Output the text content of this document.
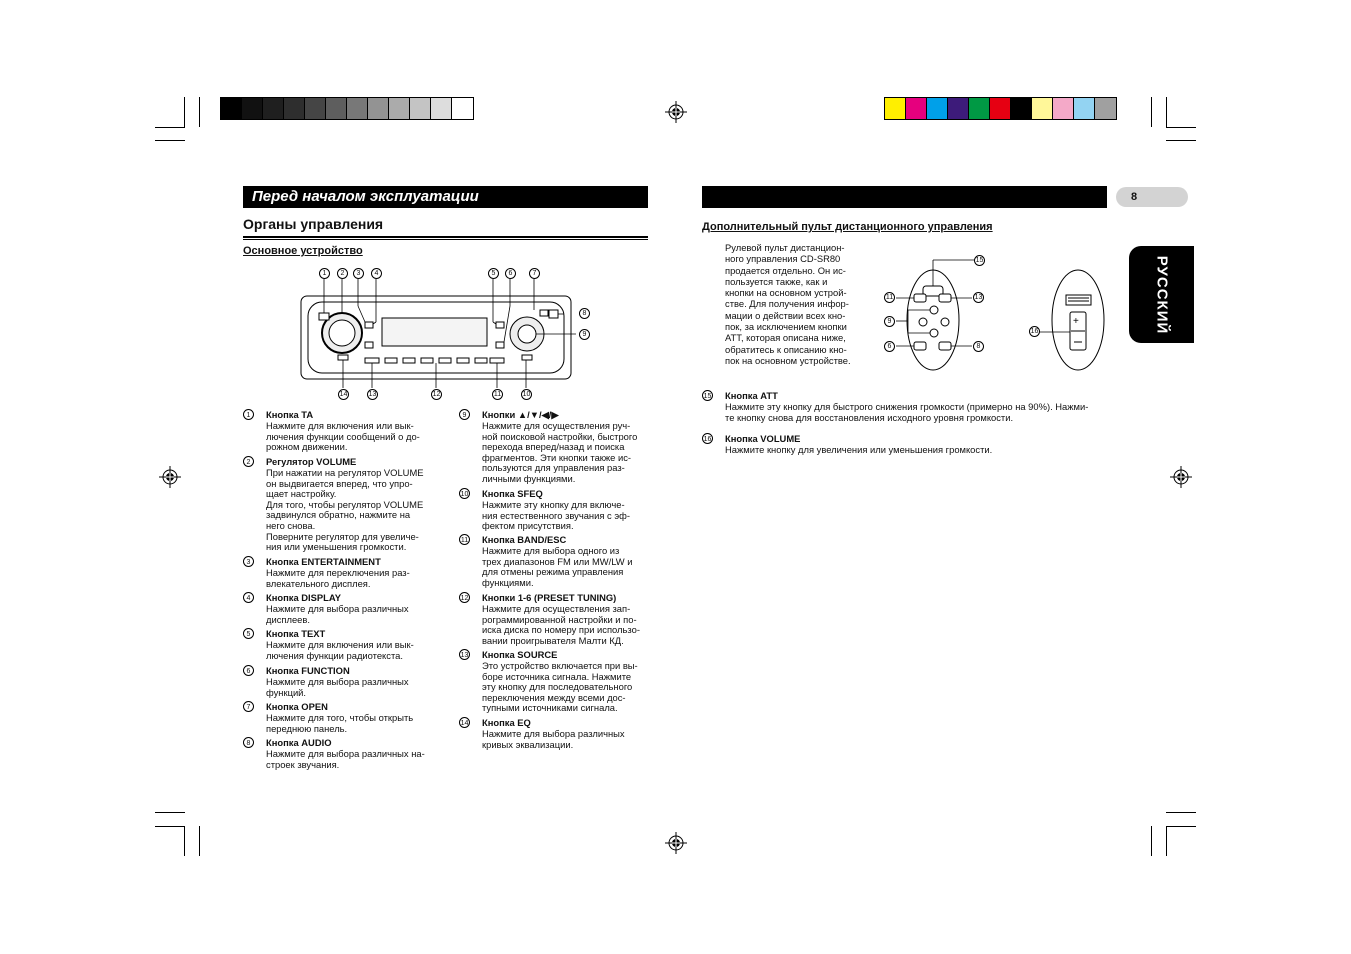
Перед началом эксплуатации
Органы управления
Основное устройство
1	2	3	4	5	6	7
8
9
14	13	12	11	10
1	Кнопка TA
Нажмите для включения или вык-
лючения функции сообщений о до-
рожном движении.
2	Регулятор VOLUME
При нажатии на регулятор VOLUME
он выдвигается вперед, что упро-
щает настройку.
Для того, чтобы регулятор VOLUME
задвинулся обратно, нажмите на
него снова.
Поверните регулятор для увеличе-
ния или уменьшения громкости.
3	Кнопка ENTERTAINMENT
Нажмите для переключения раз-
влекательного дисплея.
4	Кнопка DISPLAY
Нажмите для выбора различных
дисплеев.
5	Кнопка TEXT
Нажмите для включения или вык-
лючения функции радиотекста.
6	Кнопка FUNCTION
Нажмите для выбора различных
функций.
7	Кнопка OPEN
Нажмите для того, чтобы открыть
переднюю панель.
8	Кнопка AUDIO
Нажмите для выбора различных на-
строек звучания.
9	Кнопки ▲/▼/◀/▶
Нажмите для осуществления руч-
ной поисковой настройки, быстрого
перехода вперед/назад и поиска
фрагментов. Эти кнопки также ис-
пользуются для управления раз-
личными функциями.
10 Кнопка SFEQ
Нажмите эту кнопку для включе-
ния естественного звучания с эф-
фектом присутствия.
11 Кнопка BAND/ESC
Нажмите для выбора одного из
трех диапазонов FM или MW/LW и
для отмены режима управления
функциями.
12 Кнопки 1-6 (PRESET TUNING)
Нажмите для осуществления зап-
рограммированной настройки и по-
иска диска по номеру при использо-
вании проигрывателя Малти КД.
13 Кнопка SOURCE
Это устройство включается при вы-
боре источника сигнала. Нажмите
эту кнопку для последовательного
переключения между всеми дос-
тупными источниками сигнала.
14 Кнопка EQ
Нажмите для выбора различных
кривых эквализации.
8
РУССКИЙ
Дополнительный пульт дистанционного управления
Рулевой пульт дистанцион-
ного управления CD-SR80
продается отдельно. Он ис-
пользуется также, как и
кнопки на основном устрой-
стве. Для получения инфор-
мации о действии всех кно-
пок, за исключением кнопки
ATT, которая описана ниже,
обратитесь к описанию кно-
пок на основном устройстве.
+
15
11	13
9
6	8
16
15 Кнопка ATT
Нажмите эту кнопку для быстрого снижения громкости (примерно на 90%). Нажми-
те кнопку снова для восстановления исходного уровня громкости.
16 Кнопка VOLUME
Нажмите кнопку для увеличения или уменьшения громкости.
